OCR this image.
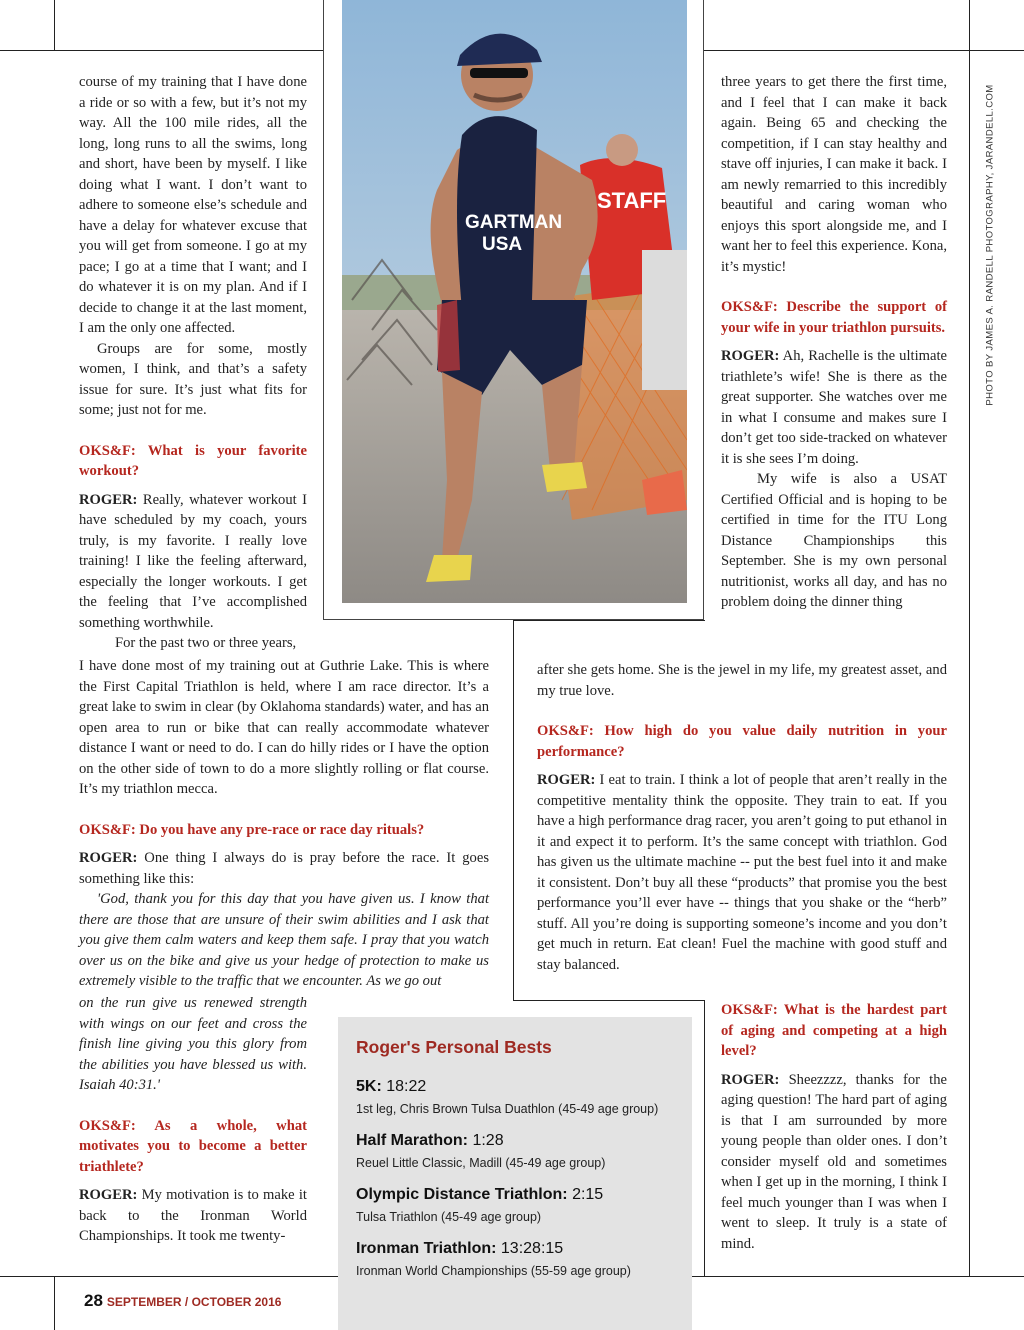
STAFF
GARTMAN
USA	PHOTO BY JAMES A. RANDELL PHOTOGRAPHY, JARANDELL.COM

course of my training that I have done a ride or so with a few, but it’s not my way. All the 100 mile rides, all the long, long runs to all the swims, long and short, have been by myself. I like doing what I want. I don’t want to adhere to someone else’s schedule and have a delay for whatever excuse that you will get from someone. I go at my pace; I go at a time that I want; and I do whatever it is on my plan. And if I decide to change it at the last moment, I am the only one affected.

Groups are for some, mostly women, I think, and that’s a safety issue for sure. It’s just what fits for some; just not for me.

OKS&F: What is your favorite workout?

ROGER: Really, whatever workout I have scheduled by my coach, yours truly, is my favorite. I really love training! I like the feeling afterward, especially the longer workouts. I get the feeling that I’ve accomplished something worthwhile.

For the past two or three years,

I have done most of my training out at Guthrie Lake. This is where the First Capital Triathlon is held, where I am race director. It’s a great lake to swim in clear (by Oklahoma standards) water, and has an open area to run or bike that can really accommodate whatever distance I want or need to do. I can do hilly rides or I have the option on the other side of town to do a more slightly rolling or flat course. It’s my triathlon mecca.

OKS&F: Do you have any pre-race or race day rituals?

ROGER: One thing I always do is pray before the race. It goes something like this:

'God, thank you for this day that you have given us. I know that there are those that are unsure of their swim abilities and I ask that you give them calm waters and keep them safe. I pray that you watch over us on the bike and give us your hedge of protection to make us extremely visible to the traffic that we encounter. As we go out

on the run give us renewed strength with wings on our feet and cross the finish line giving you this glory from the abilities you have blessed us with. Isaiah 40:31.'

OKS&F: As a whole, what motivates you to become a better triathlete?

ROGER: My motivation is to make it back to the Ironman World Championships. It took me twenty-

three years to get there the first time, and I feel that I can make it back again. Being 65 and checking the competition, if I can stay healthy and stave off injuries, I can make it back. I am newly remarried to this incredibly beautiful and caring woman who enjoys this sport alongside me, and I want her to feel this experience. Kona, it’s mystic!

OKS&F: Describe the support of your wife in your triathlon pursuits.

ROGER: Ah, Rachelle is the ultimate triathlete’s wife! She is there as the great supporter. She watches over me in what I consume and makes sure I don’t get too side-tracked on whatever it is she sees I’m doing.

My wife is also a USAT Certified Official and is hoping to be certified in time for the ITU Long Distance Championships this September. She is my own personal nutritionist, works all day, and has no problem doing the dinner thing

after she gets home. She is the jewel in my life, my greatest asset, and my true love.

OKS&F: How high do you value daily nutrition in your performance?

ROGER: I eat to train. I think a lot of people that aren’t really in the competitive mentality think the opposite. They train to eat. If you have a high performance drag racer, you aren’t going to put ethanol in it and expect it to perform. It’s the same concept with triathlon. God has given us the ultimate machine -- put the best fuel into it and make it consistent. Don’t buy all these “products” that promise you the best performance you’ll ever have -- things that you shake or the “herb” stuff. All you’re doing is supporting someone’s income and you don’t get much in return. Eat clean! Fuel the machine with good stuff and stay balanced.

OKS&F: What is the hardest part of aging and competing at a high level?

ROGER: Sheezzzz, thanks for the aging question! The hard part of aging is that I am surrounded by more young people than older ones. I don’t consider myself old and sometimes when I get up in the morning, I think I feel much younger than I was when I went to sleep. It truly is a state of mind.

Roger's Personal Bests
5K: 18:22
1st leg, Chris Brown Tulsa Duathlon (45-49 age group)
Half Marathon: 1:28
Reuel Little Classic, Madill (45-49 age group)
Olympic Distance Triathlon: 2:15
Tulsa Triathlon (45-49 age group)
Ironman Triathlon: 13:28:15
Ironman World Championships (55-59 age group)
28 SEPTEMBER / OCTOBER 2016
